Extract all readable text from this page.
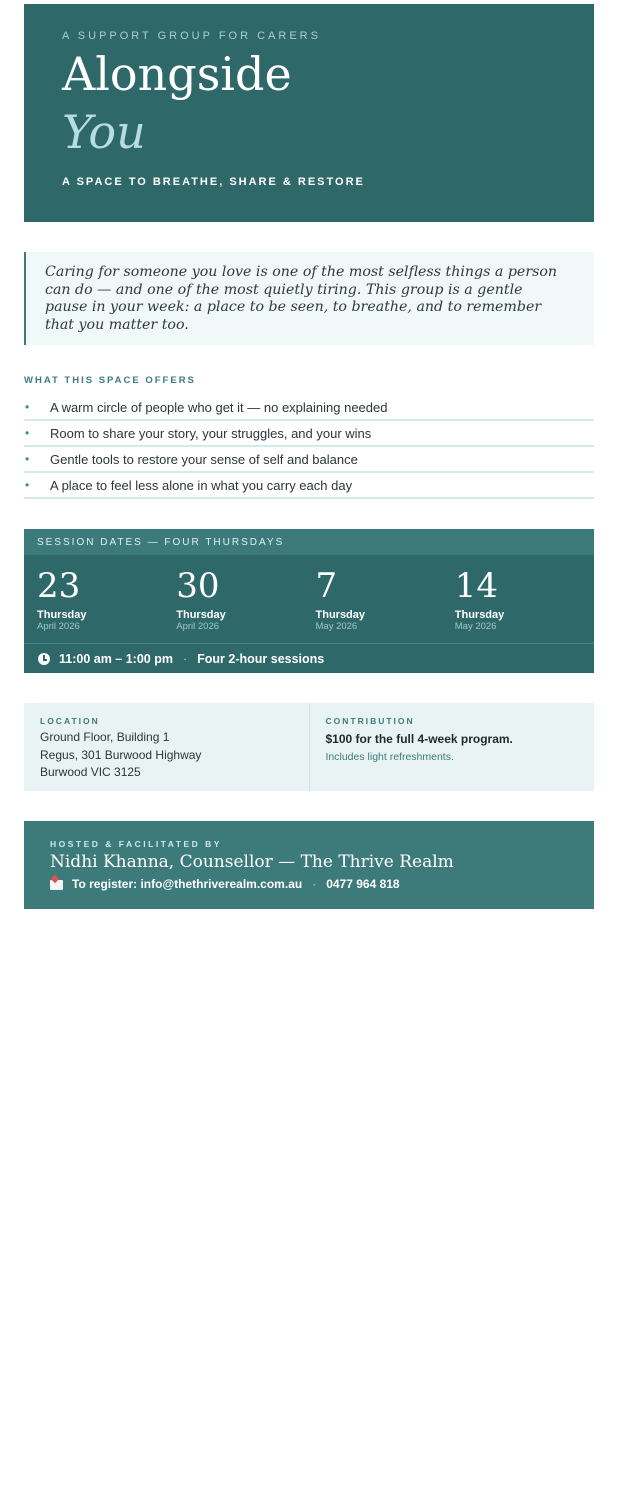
A SUPPORT GROUP FOR CARERS
Alongside
You
A SPACE TO BREATHE, SHARE & RESTORE

Caring for someone you love is one of the most selfless things a person can do — and one of the most quietly tiring. This group is a gentle pause in your week: a place to be seen, to breathe, and to remember that you matter too.

WHAT THIS SPACE OFFERS
•	A warm circle of people who get it — no explaining needed
•	Room to share your story, your struggles, and your wins
•	Gentle tools to restore your sense of self and balance
•	A place to feel less alone in what you carry each day
SESSION DATES — FOUR THURSDAYS
23
Thursday
April 2026
30
Thursday
April 2026
7
Thursday
May 2026
14
Thursday
May 2026
11:00 am – 1:00 pm · Four 2-hour sessions
LOCATION
Ground Floor, Building 1
Regus, 301 Burwood Highway
Burwood VIC 3125
CONTRIBUTION
$100 for the full 4-week program.
Includes light refreshments.
HOSTED & FACILITATED BY
Nidhi Khanna, Counsellor — The Thrive Realm
To register: info@thethriverealm.com.au · 0477 964 818
